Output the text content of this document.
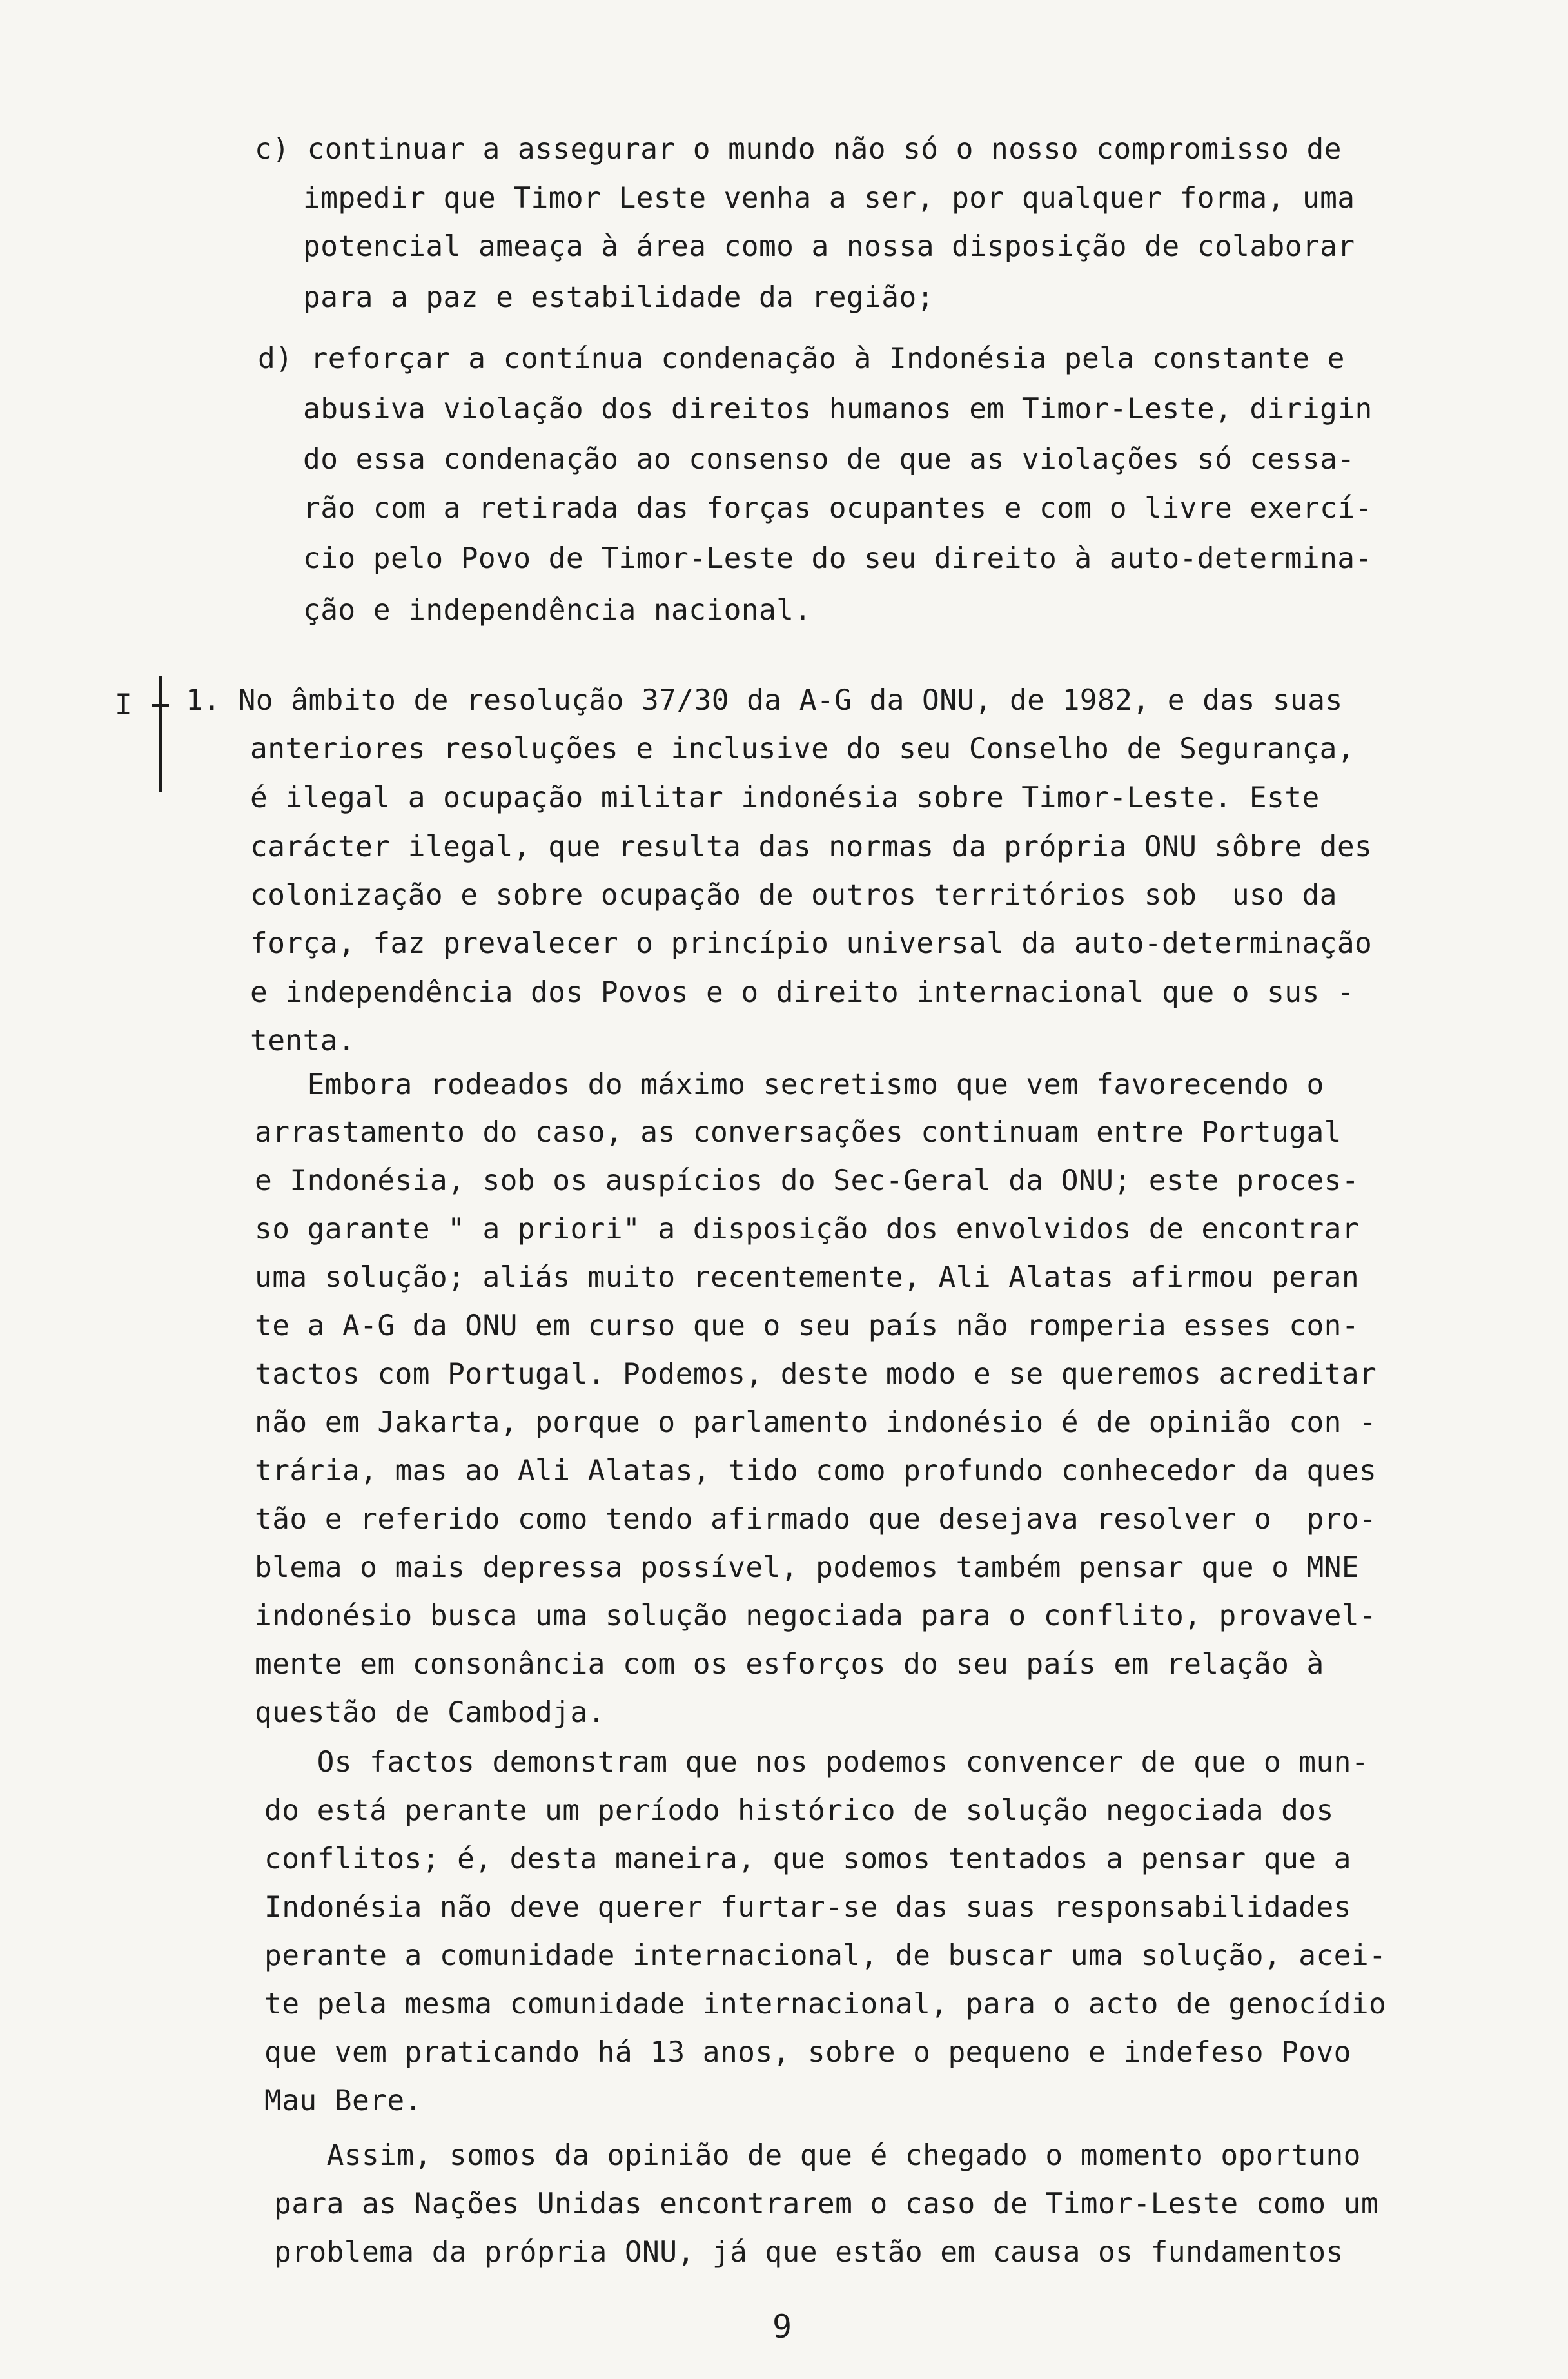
c) continuar a assegurar o mundo não só o nosso compromisso de
impedir que Timor Leste venha a ser, por qualquer forma, uma
potencial ameaça à área como a nossa disposição de colaborar
para a paz e estabilidade da região;
d) reforçar a contínua condenação à Indonésia pela constante e
abusiva violação dos direitos humanos em Timor-Leste, dirigin
do essa condenação ao consenso de que as violações só cessa-
rão com a retirada das forças ocupantes e com o livre exercí-
cio pelo Povo de Timor-Leste do seu direito à auto-determina-
ção e independência nacional.
I 1. No âmbito de resolução 37/30 da A-G da ONU, de 1982, e das suas
anteriores resoluções e inclusive do seu Conselho de Segurança,
é ilegal a ocupação militar indonésia sobre Timor-Leste. Este
carácter ilegal, que resulta das normas da própria ONU sôbre des
colonização e sobre ocupação de outros territórios sob  uso da
força, faz prevalecer o princípio universal da auto-determinação
e independência dos Povos e o direito internacional que o sus -
tenta.
Embora rodeados do máximo secretismo que vem favorecendo o
arrastamento do caso, as conversações continuam entre Portugal
e Indonésia, sob os auspícios do Sec-Geral da ONU; este proces-
so garante " a priori" a disposição dos envolvidos de encontrar
uma solução; aliás muito recentemente, Ali Alatas afirmou peran
te a A-G da ONU em curso que o seu país não romperia esses con-
tactos com Portugal. Podemos, deste modo e se queremos acreditar
não em Jakarta, porque o parlamento indonésio é de opinião con -
trária, mas ao Ali Alatas, tido como profundo conhecedor da ques
tão e referido como tendo afirmado que desejava resolver o  pro-
blema o mais depressa possível, podemos também pensar que o MNE
indonésio busca uma solução negociada para o conflito, provavel-
mente em consonância com os esforços do seu país em relação à
questão de Cambodja.
Os factos demonstram que nos podemos convencer de que o mun-
do está perante um período histórico de solução negociada dos
conflitos; é, desta maneira, que somos tentados a pensar que a
Indonésia não deve querer furtar-se das suas responsabilidades
perante a comunidade internacional, de buscar uma solução, acei-
te pela mesma comunidade internacional, para o acto de genocídio
que vem praticando há 13 anos, sobre o pequeno e indefeso Povo
Mau Bere.
Assim, somos da opinião de que é chegado o momento oportuno
para as Nações Unidas encontrarem o caso de Timor-Leste como um
problema da própria ONU, já que estão em causa os fundamentos
9
